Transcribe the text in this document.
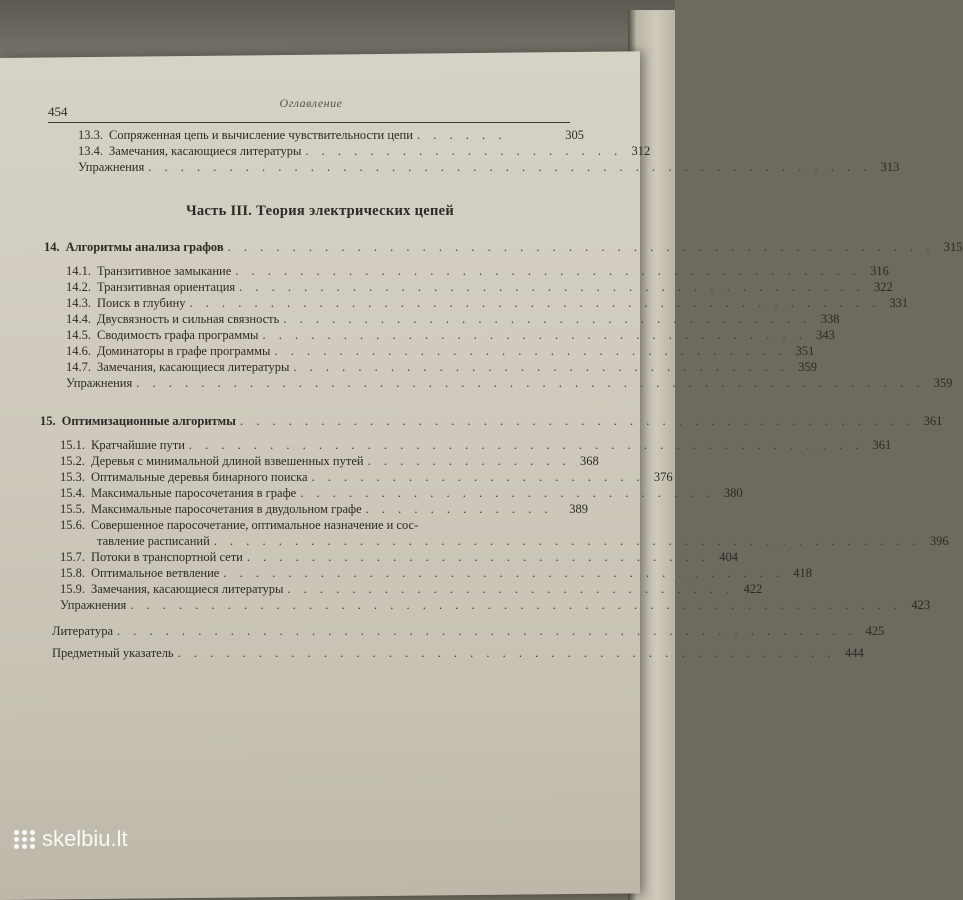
454
Оглавление
13.3. Сопряженная цепь и вычисление чувствительности цепи . . . . . .	305
13.4. Замечания, касающиеся литературы . . . . . . . . . . . . . . . . . . . . 312
Упражнения . . . . . . . . . . . . . . . . . . . . . . . . . . . . . . . . . . . . . . . . . . . . . 313
Часть III. Теория электрических цепей
14. Алгоритмы анализа графов . . . . . . . . . . . . . . . . . . . . . . . . . . . . . . . . . . . . . . . . . . . . 315
14.1. Транзитивное замыкание . . . . . . . . . . . . . . . . . . . . . . . . . . . . . . . . . . . . . . . 316
14.2. Транзитивная ориентация . . . . . . . . . . . . . . . . . . . . . . . . . . . . . . . . . . . . . . . 322
14.3. Поиск в глубину . . . . . . . . . . . . . . . . . . . . . . . . . . . . . . . . . . . . . . . . . . . 331
14.4. Двусвязность и сильная связность . . . . . . . . . . . . . . . . . . . . . . . . . . . . . . . . . 338
14.5. Сводимость графа программы . . . . . . . . . . . . . . . . . . . . . . . . . . . . . . . . . . 343
14.6. Доминаторы в графе программы . . . . . . . . . . . . . . . . . . . . . . . . . . . . . . . . 351
14.7. Замечания, касающиеся литературы . . . . . . . . . . . . . . . . . . . . . . . . . . . . . . . 359
Упражнения . . . . . . . . . . . . . . . . . . . . . . . . . . . . . . . . . . . . . . . . . . . . . . . . . 359
15. Оптимизационные алгоритмы . . . . . . . . . . . . . . . . . . . . . . . . . . . . . . . . . . . . . . . . . . 361
15.1. Кратчайшие пути . . . . . . . . . . . . . . . . . . . . . . . . . . . . . . . . . . . . . . . . . . 361
15.2. Деревья с минимальной длиной взвешенных путей . . . . . . . . . . . . . 368
15.3. Оптимальные деревья бинарного поиска . . . . . . . . . . . . . . . . . . . . . 376
15.4. Максимальные паросочетания в графе . . . . . . . . . . . . . . . . . . . . . . . . . . 380
15.5. Максимальные паросочетания в двудольном графе . . . . . . . . . . . .	389
15.6. Совершенное паросочетание, оптимальное назначение и сос-
тавление расписаний . . . . . . . . . . . . . . . . . . . . . . . . . . . . . . . . . . . . . . . . . . . . 396
15.7. Потоки в транспортной сети . . . . . . . . . . . . . . . . . . . . . . . . . . . . . 404
15.8. Оптимальное ветвление . . . . . . . . . . . . . . . . . . . . . . . . . . . . . . . . . . . 418
15.9. Замечания, касающиеся литературы . . . . . . . . . . . . . . . . . . . . . . . . . . . . 422
Упражнения . . . . . . . . . . . . . . . . . . . . . . . . . . . . . . . . . . . . . . . . . . . . . . . . 423
Литература . . . . . . . . . . . . . . . . . . . . . . . . . . . . . . . . . . . . . . . . . . . . . . 425
Предметный указатель . . . . . . . . . . . . . . . . . . . . . . . . . . . . . . . . . . . . . . . . . 444
skelbiu.lt
